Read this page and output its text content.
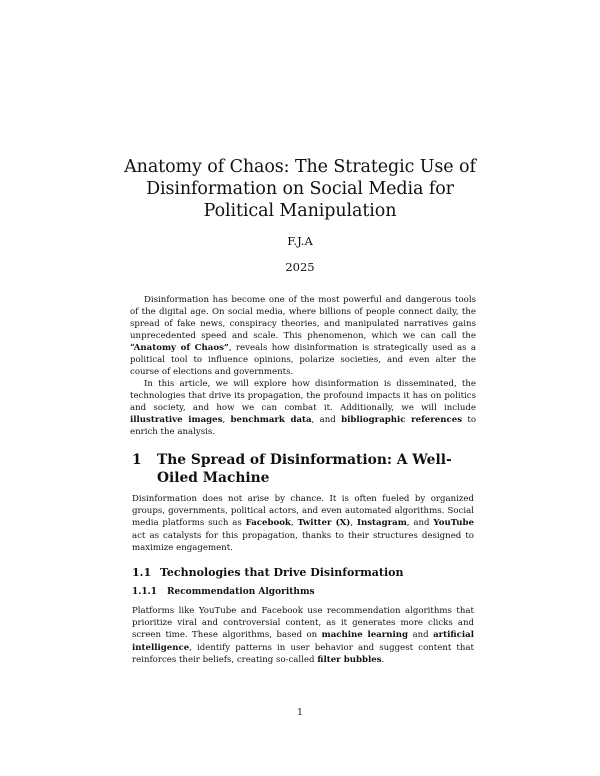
Anatomy of Chaos: The Strategic Use of Disinformation on Social Media for Political Manipulation
F.J.A
2025

Disinformation has become one of the most powerful and dangerous tools of the digital age. On social media, where billions of people connect daily, the spread of fake news, conspiracy theories, and manipulated narratives gains unprecedented speed and scale. This phenomenon, which we can call the “Anatomy of Chaos”, reveals how disinformation is strategically used as a political tool to influence opinions, polarize societies, and even alter the course of elections and governments.

In this article, we will explore how disinformation is disseminated, the technologies that drive its propagation, the profound impacts it has on politics and society, and how we can combat it. Additionally, we will include illustrative images, benchmark data, and bibliographic references to enrich the analysis.

1	The Spread of Disinformation: A Well-Oiled Machine

Disinformation does not arise by chance. It is often fueled by organized groups, governments, political actors, and even automated algorithms. Social media platforms such as Facebook, Twitter (X), Instagram, and YouTube act as catalysts for this propagation, thanks to their structures designed to maximize engagement.

1.1 Technologies that Drive Disinformation
1.1.1	Recommendation Algorithms

Platforms like YouTube and Facebook use recommendation algorithms that prioritize viral and controversial content, as it generates more clicks and screen time. These algorithms, based on machine learning and artificial intelligence, identify patterns in user behavior and suggest content that reinforces their beliefs, creating so-called filter bubbles.

1
